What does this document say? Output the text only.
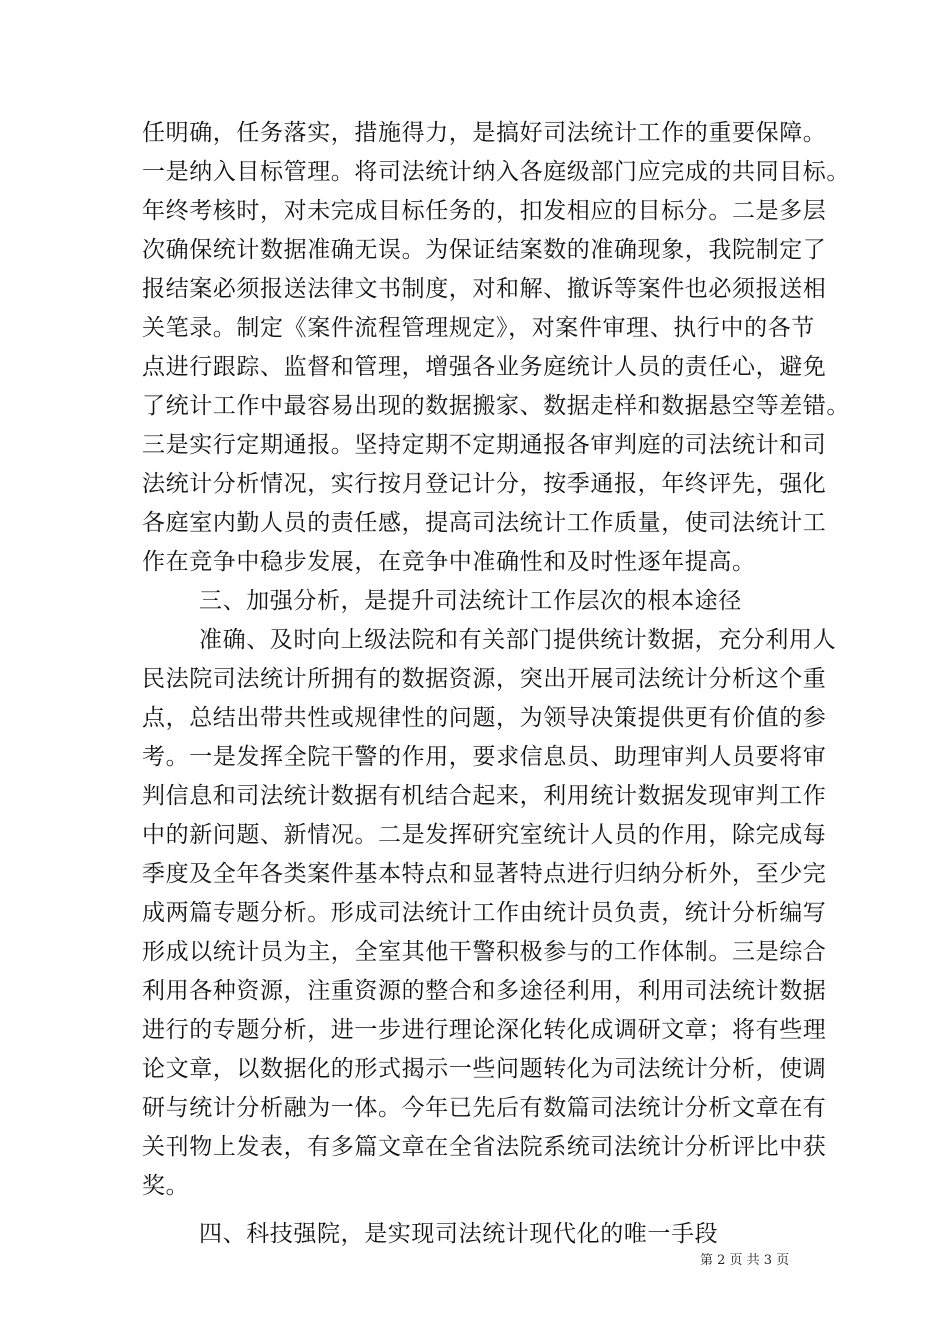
任明确，任务落实，措施得力，是搞好司法统计工作的重要保障。
一是纳入目标管理。将司法统计纳入各庭级部门应完成的共同目标。
年终考核时，对未完成目标任务的，扣发相应的目标分。二是多层
次确保统计数据准确无误。为保证结案数的准确现象，我院制定了
报结案必须报送法律文书制度，对和解、撤诉等案件也必须报送相
关笔录。制定《案件流程管理规定》，对案件审理、执行中的各节
点进行跟踪、监督和管理，增强各业务庭统计人员的责任心，避免
了统计工作中最容易出现的数据搬家、数据走样和数据悬空等差错。
三是实行定期通报。坚持定期不定期通报各审判庭的司法统计和司
法统计分析情况，实行按月登记计分，按季通报，年终评先，强化
各庭室内勤人员的责任感，提高司法统计工作质量，使司法统计工
作在竞争中稳步发展，在竞争中准确性和及时性逐年提高。
三、加强分析，是提升司法统计工作层次的根本途径
准确、及时向上级法院和有关部门提供统计数据，充分利用人
民法院司法统计所拥有的数据资源，突出开展司法统计分析这个重
点，总结出带共性或规律性的问题，为领导决策提供更有价值的参
考。一是发挥全院干警的作用，要求信息员、助理审判人员要将审
判信息和司法统计数据有机结合起来，利用统计数据发现审判工作
中的新问题、新情况。二是发挥研究室统计人员的作用，除完成每
季度及全年各类案件基本特点和显著特点进行归纳分析外，至少完
成两篇专题分析。形成司法统计工作由统计员负责，统计分析编写
形成以统计员为主，全室其他干警积极参与的工作体制。三是综合
利用各种资源，注重资源的整合和多途径利用，利用司法统计数据
进行的专题分析，进一步进行理论深化转化成调研文章；将有些理
论文章，以数据化的形式揭示一些问题转化为司法统计分析，使调
研与统计分析融为一体。今年已先后有数篇司法统计分析文章在有
关刊物上发表，有多篇文章在全省法院系统司法统计分析评比中获
奖。
四、科技强院，是实现司法统计现代化的唯一手段
第 2 页 共 3 页
